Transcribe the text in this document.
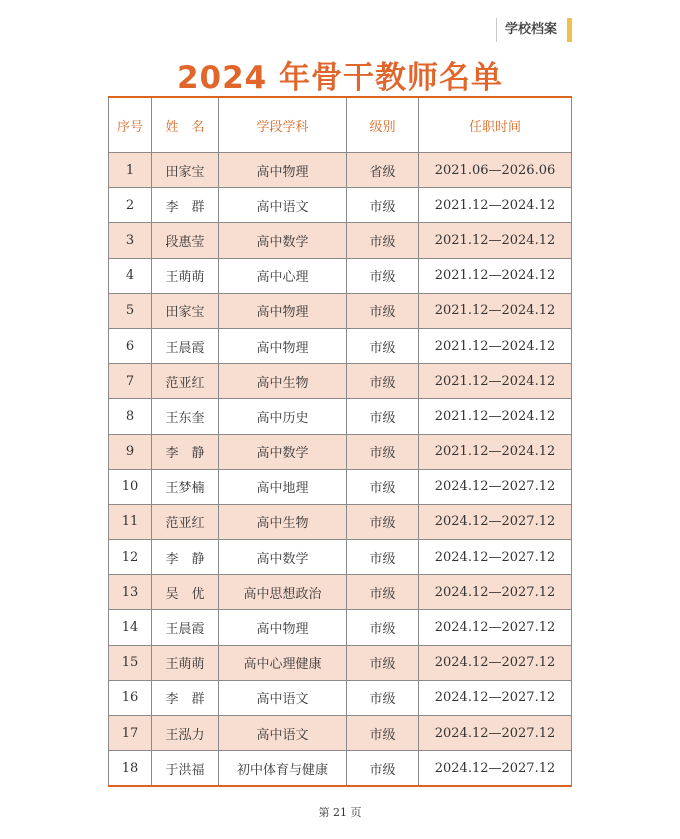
学校档案
2024 年骨干教师名单
序号	姓　名	学段学科	级别	任职时间
1	田家宝	高中物理	省级	2021.06—2026.06
2	李　群	高中语文	市级	2021.12—2024.12
3	段惠莹	高中数学	市级	2021.12—2024.12
4	王萌萌	高中心理	市级	2021.12—2024.12
5	田家宝	高中物理	市级	2021.12—2024.12
6	王晨霞	高中物理	市级	2021.12—2024.12
7	范亚红	高中生物	市级	2021.12—2024.12
8	王东奎	高中历史	市级	2021.12—2024.12
9	李　静	高中数学	市级	2021.12—2024.12
10	王梦楠	高中地理	市级	2024.12—2027.12
11	范亚红	高中生物	市级	2024.12—2027.12
12	李　静	高中数学	市级	2024.12—2027.12
13	吴　优	高中思想政治	市级	2024.12—2027.12
14	王晨霞	高中物理	市级	2024.12—2027.12
15	王萌萌	高中心理健康	市级	2024.12—2027.12
16	李　群	高中语文	市级	2024.12—2027.12
17	王泓力	高中语文	市级	2024.12—2027.12
18	于洪福	初中体育与健康	市级	2024.12—2027.12
第 21 页
